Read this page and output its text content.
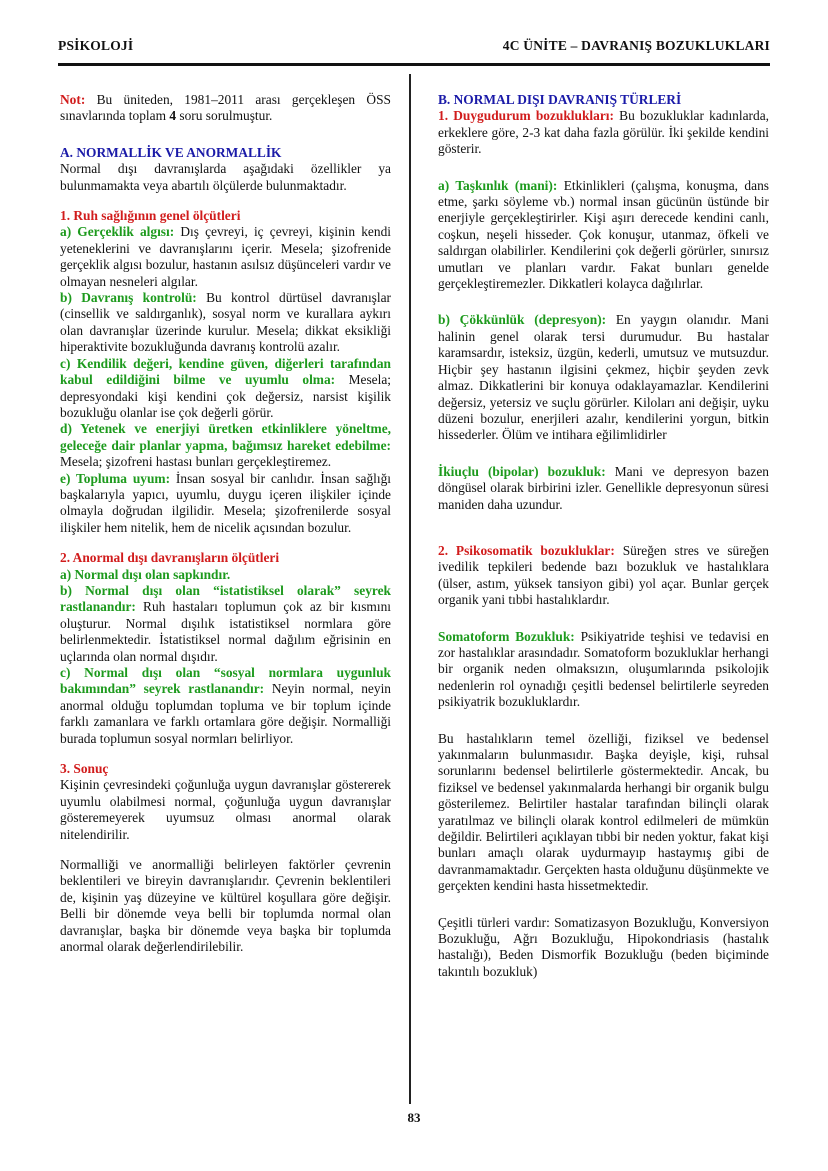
PSİKOLOJİ	4C ÜNİTE – DAVRANIŞ BOZUKLUKLARI

Not: Bu üniteden, 1981–2011 arası gerçekleşen ÖSS sınavlarında toplam 4 soru sorulmuştur.

A. NORMALLİK VE ANORMALLİK

Normal dışı davranışlarda aşağıdaki özellikler ya bulunmamakta veya abartılı ölçülerde bulunmaktadır.

1. Ruh sağlığının genel ölçütleri

a) Gerçeklik algısı: Dış çevreyi, iç çevreyi, kişinin kendi yeteneklerini ve davranışlarını içerir. Mesela; şizofrenide gerçeklik algısı bozulur, hastanın asılsız düşünceleri vardır ve olmayan nesneleri algılar.

b) Davranış kontrolü: Bu kontrol dürtüsel davranışlar (cinsellik ve saldırganlık), sosyal norm ve kurallara aykırı olan davranışlar üzerinde kurulur. Mesela; dikkat eksikliği hiperaktivite bozukluğunda davranış kontrolü azalır.

c) Kendilik değeri, kendine güven, diğerleri tarafından kabul edildiğini bilme ve uyumlu olma: Mesela; depresyondaki kişi kendini çok değersiz, narsist kişilik bozukluğu olanlar ise çok değerli görür.

d) Yetenek ve enerjiyi üretken etkinliklere yöneltme, geleceğe dair planlar yapma, bağımsız hareket edebilme: Mesela; şizofreni hastası bunları gerçekleştiremez.

e) Topluma uyum: İnsan sosyal bir canlıdır. İnsan sağlığı başkalarıyla yapıcı, uyumlu, duygu içeren ilişkiler içinde olmayla doğrudan ilgilidir. Mesela; şizofrenilerde sosyal ilişkiler hem nitelik, hem de nicelik açısından bozulur.

2. Anormal dışı davranışların ölçütleri

a) Normal dışı olan sapkındır.

b) Normal dışı olan “istatistiksel olarak” seyrek rastlanandır: Ruh hastaları toplumun çok az bir kısmını oluşturur. Normal dışılık istatistiksel normlara göre belirlenmektedir. İstatistiksel normal dağılım eğrisinin en uçlarında olan normal dışıdır.

c) Normal dışı olan “sosyal normlara uygunluk bakımından” seyrek rastlanandır: Neyin normal, neyin anormal olduğu toplumdan topluma ve bir toplum içinde farklı zamanlara ve farklı ortamlara göre değişir. Normalliği burada toplumun sosyal normları belirliyor.

3. Sonuç

Kişinin çevresindeki çoğunluğa uygun davranışlar göstererek uyumlu olabilmesi normal, çoğunluğa uygun davranışlar gösteremeyerek uyumsuz olması anormal olarak nitelendirilir.

Normalliği ve anormalliği belirleyen faktörler çevrenin beklentileri ve bireyin davranışlarıdır. Çevrenin beklentileri de, kişinin yaş düzeyine ve kültürel koşullara göre değişir. Belli bir dönemde veya belli bir toplumda normal olan davranışlar, başka bir dönemde veya başka bir toplumda anormal olarak değerlendirilebilir.

B. NORMAL DIŞI DAVRANIŞ TÜRLERİ

1. Duygudurum bozuklukları: Bu bozukluklar kadınlarda, erkeklere göre, 2-3 kat daha fazla görülür. İki şekilde kendini gösterir.

a) Taşkınlık (mani): Etkinlikleri (çalışma, konuşma, dans etme, şarkı söyleme vb.) normal insan gücünün üstünde bir enerjiyle gerçekleştirirler. Kişi aşırı derecede kendini canlı, coşkun, neşeli hisseder. Çok konuşur, utanmaz, öfkeli ve saldırgan olabilirler. Kendilerini çok değerli görürler, sınırsız umutları ve planları vardır. Fakat bunları genelde gerçekleştiremezler. Dikkatleri kolayca dağılırlar.

b) Çökkünlük (depresyon): En yaygın olanıdır. Mani halinin genel olarak tersi durumudur. Bu hastalar karamsardır, isteksiz, üzgün, kederli, umutsuz ve mutsuzdur. Hiçbir şey hastanın ilgisini çekmez, hiçbir şeyden zevk almaz. Dikkatlerini bir konuya odaklayamazlar. Kendilerini değersiz, yetersiz ve suçlu görürler. Kiloları ani değişir, uyku düzeni bozulur, enerjileri azalır, kendilerini yorgun, bitkin hissederler. Ölüm ve intihara eğilimlidirler

İkiuçlu (bipolar) bozukluk: Mani ve depresyon bazen döngüsel olarak birbirini izler. Genellikle depresyonun süresi maniden daha uzundur.

2. Psikosomatik bozukluklar: Süreğen stres ve süreğen ivedilik tepkileri bedende bazı bozukluk ve hastalıklara (ülser, astım, yüksek tansiyon gibi) yol açar. Bunlar gerçek organik yani tıbbi hastalıklardır.

Somatoform Bozukluk: Psikiyatride teşhisi ve tedavisi en zor hastalıklar arasındadır. Somatoform bozukluklar herhangi bir organik neden olmaksızın, oluşumlarında psikolojik nedenlerin rol oynadığı çeşitli bedensel belirtilerle seyreden psikiyatrik bozukluklardır.

Bu hastalıkların temel özelliği, fiziksel ve bedensel yakınmaların bulunmasıdır. Başka deyişle, kişi, ruhsal sorunlarını bedensel belirtilerle göstermektedir. Ancak, bu fiziksel ve bedensel yakınmalarda herhangi bir organik bulgu gösterilemez. Belirtiler hastalar tarafından bilinçli olarak yaratılmaz ve bilinçli olarak kontrol edilmeleri de mümkün değildir. Belirtileri açıklayan tıbbi bir neden yoktur, fakat kişi bunları amaçlı olarak uydurmayıp hastaymış gibi de davranmamaktadır. Gerçekten hasta olduğunu düşünmekte ve gerçekten kendini hasta hissetmektedir.

Çeşitli türleri vardır: Somatizasyon Bozukluğu, Konversiyon Bozukluğu, Ağrı Bozukluğu, Hipokondriasis (hastalık hastalığı), Beden Dismorfik Bozukluğu (beden biçiminde takıntılı bozukluk)

83
